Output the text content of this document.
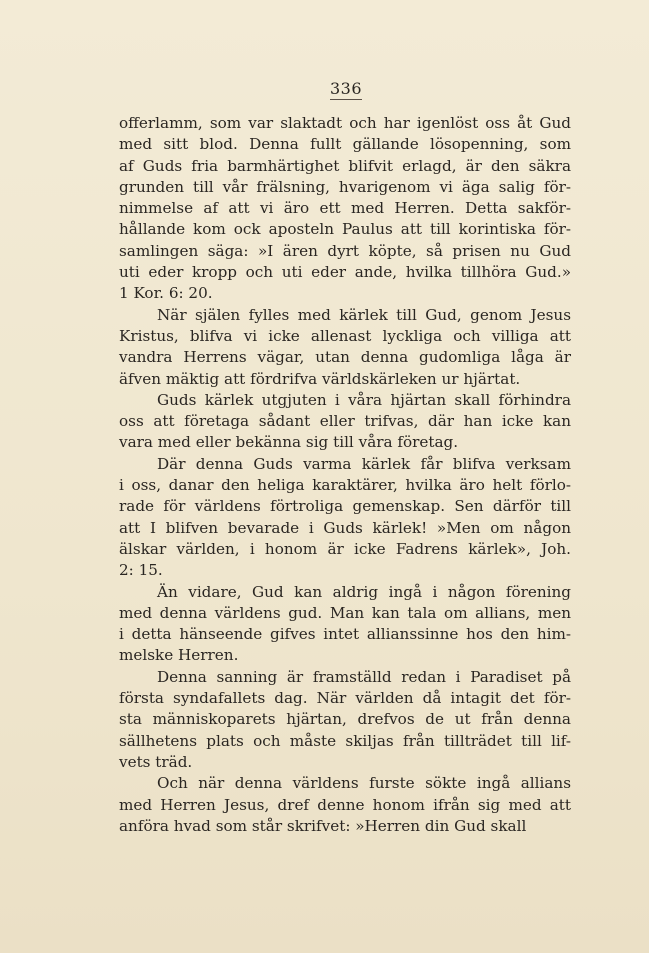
336
offerlamm, som var slaktadt och har igenlöst oss åt Gud
med sitt blod. Denna fullt gällande lösopenning, som
af Guds fria barmhärtighet blifvit erlagd, är den säkra
grunden till vår frälsning, hvarigenom vi äga salig för-
nimmelse af att vi äro ett med Herren. Detta sakför-
hållande kom ock aposteln Paulus att till korintiska för-
samlingen säga: »I ären dyrt köpte, så prisen nu Gud
uti eder kropp och uti eder ande, hvilka tillhöra Gud.»
1 Kor. 6: 20.
När själen fylles med kärlek till Gud, genom Jesus
Kristus, blifva vi icke allenast lyckliga och villiga att
vandra Herrens vägar, utan denna gudomliga låga är
äfven mäktig att fördrifva världskärleken ur hjärtat.
Guds kärlek utgjuten i våra hjärtan skall förhindra
oss att företaga sådant eller trifvas, där han icke kan
vara med eller bekänna sig till våra företag.
Där denna Guds varma kärlek får blifva verksam
i oss, danar den heliga karaktärer, hvilka äro helt förlo-
rade för världens förtroliga gemenskap. Sen därför till
att I blifven bevarade i Guds kärlek! »Men om någon
älskar världen, i honom är icke Fadrens kärlek», Joh.
2: 15.
Än vidare, Gud kan aldrig ingå i någon förening
med denna världens gud. Man kan tala om allians, men
i detta hänseende gifves intet allianssinne hos den him-
melske Herren.
Denna sanning är framställd redan i Paradiset på
första syndafallets dag. När världen då intagit det för-
sta människoparets hjärtan, drefvos de ut från denna
sällhetens plats och måste skiljas från tillträdet till lif-
vets träd.
Och när denna världens furste sökte ingå allians
med Herren Jesus, dref denne honom ifrån sig med att
anföra hvad som står skrifvet: »Herren din Gud skall
